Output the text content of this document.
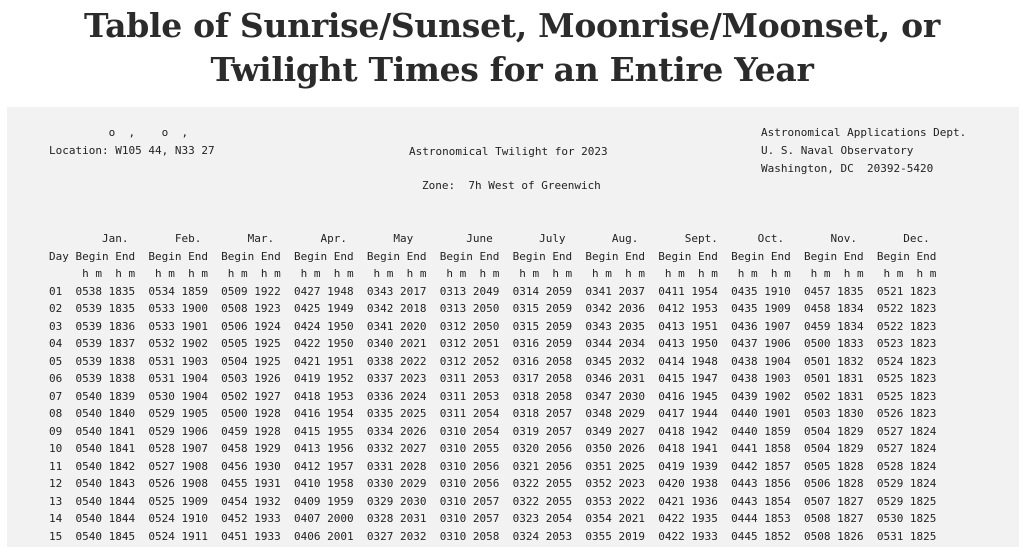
Table of Sunrise/Sunset, Moonrise/Moonset, or
Twilight Times for an Entire Year
o  ,    o  ,
Location: W105 44, N33 27	Astronomical Twilight for 2023
Zone:  7h West of Greenwich
Astronomical Applications Dept.
U. S. Naval Observatory
Washington, DC  20392-5420
Jan.       Feb.       Mar.       Apr.       May        June       July       Aug.       Sept.      Oct.       Nov.       Dec.
Day Begin End  Begin End  Begin End  Begin End  Begin End  Begin End  Begin End  Begin End  Begin End  Begin End  Begin End  Begin End
h m  h m   h m  h m   h m  h m   h m  h m   h m  h m   h m  h m   h m  h m   h m  h m   h m  h m   h m  h m   h m  h m   h m  h m
01  0538 1835  0534 1859  0509 1922  0427 1948  0343 2017  0313 2049  0314 2059  0341 2037  0411 1954  0435 1910  0457 1835  0521 1823
02  0539 1835  0533 1900  0508 1923  0425 1949  0342 2018  0313 2050  0315 2059  0342 2036  0412 1953  0435 1909  0458 1834  0522 1823
03  0539 1836  0533 1901  0506 1924  0424 1950  0341 2020  0312 2050  0315 2059  0343 2035  0413 1951  0436 1907  0459 1834  0522 1823
04  0539 1837  0532 1902  0505 1925  0422 1950  0340 2021  0312 2051  0316 2059  0344 2034  0413 1950  0437 1906  0500 1833  0523 1823
05  0539 1838  0531 1903  0504 1925  0421 1951  0338 2022  0312 2052  0316 2058  0345 2032  0414 1948  0438 1904  0501 1832  0524 1823
06  0539 1838  0531 1904  0503 1926  0419 1952  0337 2023  0311 2053  0317 2058  0346 2031  0415 1947  0438 1903  0501 1831  0525 1823
07  0540 1839  0530 1904  0502 1927  0418 1953  0336 2024  0311 2053  0318 2058  0347 2030  0416 1945  0439 1902  0502 1831  0525 1823
08  0540 1840  0529 1905  0500 1928  0416 1954  0335 2025  0311 2054  0318 2057  0348 2029  0417 1944  0440 1901  0503 1830  0526 1823
09  0540 1841  0529 1906  0459 1928  0415 1955  0334 2026  0310 2054  0319 2057  0349 2027  0418 1942  0440 1859  0504 1829  0527 1824
10  0540 1841  0528 1907  0458 1929  0413 1956  0332 2027  0310 2055  0320 2056  0350 2026  0418 1941  0441 1858  0504 1829  0527 1824
11  0540 1842  0527 1908  0456 1930  0412 1957  0331 2028  0310 2056  0321 2056  0351 2025  0419 1939  0442 1857  0505 1828  0528 1824
12  0540 1843  0526 1908  0455 1931  0410 1958  0330 2029  0310 2056  0322 2055  0352 2023  0420 1938  0443 1856  0506 1828  0529 1824
13  0540 1844  0525 1909  0454 1932  0409 1959  0329 2030  0310 2057  0322 2055  0353 2022  0421 1936  0443 1854  0507 1827  0529 1825
14  0540 1844  0524 1910  0452 1933  0407 2000  0328 2031  0310 2057  0323 2054  0354 2021  0422 1935  0444 1853  0508 1827  0530 1825
15  0540 1845  0524 1911  0451 1933  0406 2001  0327 2032  0310 2058  0324 2053  0355 2019  0422 1933  0445 1852  0508 1826  0531 1825
